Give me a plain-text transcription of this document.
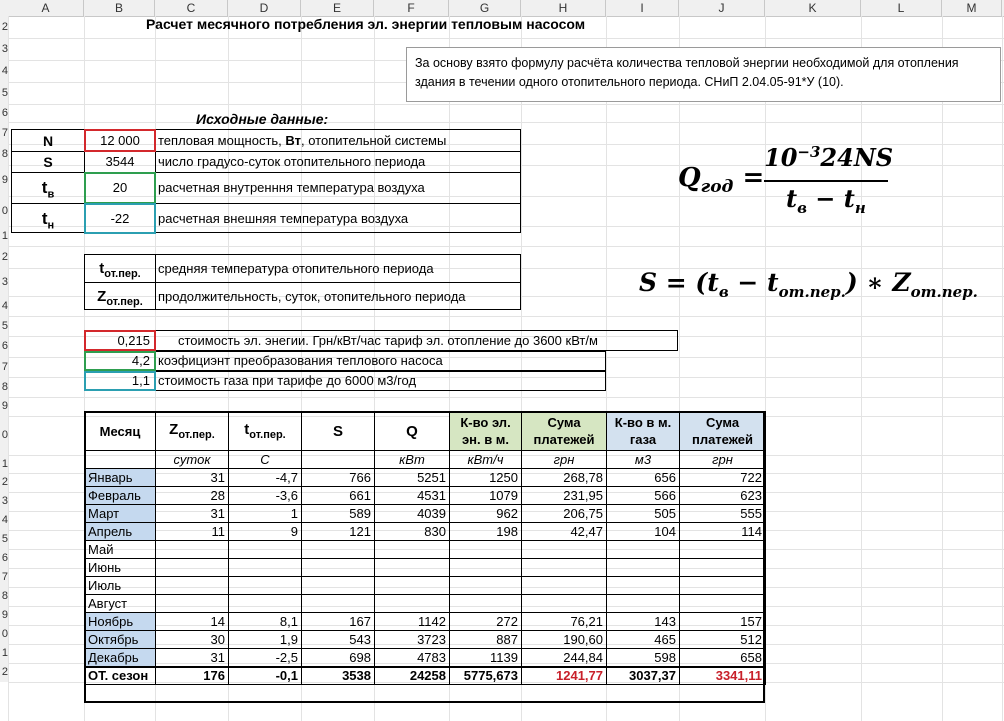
A	B	C	D	E	F	G	H	I	J	K	L	M
2
3
4
5
6
7
8
9
0
1
2
3
4
5
6
7
8
9
0
1
2
3
4
5
6
7
8
9
0
1
2
Расчет месячного потребления эл. энергии тепловым насосом
За основу взято формулу расчёта количества тепловой энергии необходимой для отопления здания в течении одного отопительного периода. СНиП 2.04.05-91*У (10).
Исходные данные:
N	12 000	тепловая мощность, Вт, отопительной системы
S	3544	число градусо-суток отопительного периода
$t_в$	20	расчетная внутренння температура воздуха
$t_н$	-22	расчетная внешняя температура воздуха
$t_{от.пер.}$	средняя температура отопительного периода
$Z_{от.пер.}$	продолжительность, суток, отопительного периода
0,215	стоимость эл. энегии. Грн/кВт/час тариф эл. отопление до 3600 кВт/м
4,2 коэфициэнт преобразования теплового насоса
1,1 стоимость газа при тарифе до 6000 м3/год
$Q_{год}$ =
$10^{-3}24NS$
$t_в - t_н$
$S = (t_в - t_{от.пер.})$ ∗ $Z_{от.пер.}$
Месяц	$Z_{от.пер.}$	$t_{от.пер.}$	S	Q	К-во эл. эн. в м.	Сума платежей	К-во в м. газа	Сума платежей
	суток	С		кВт	кВт/ч	грн	м3	грн
Январь	31	-4,7	766	5251	1250	268,78	656	722
Февраль	28	-3,6	661	4531	1079	231,95	566	623
Март	31	1	589	4039	962	206,75	505	555
Апрель	11	9	121	830	198	42,47	104	114
Май								
Июнь								
Июль								
Август								
Ноябрь	14	8,1	167	1142	272	76,21	143	157
Октябрь	30	1,9	543	3723	887	190,60	465	512
Декабрь	31	-2,5	698	4783	1139	244,84	598	658
ОТ. сезон	176	-0,1	3538	24258	5775,673	1241,77	3037,37	3341,11
